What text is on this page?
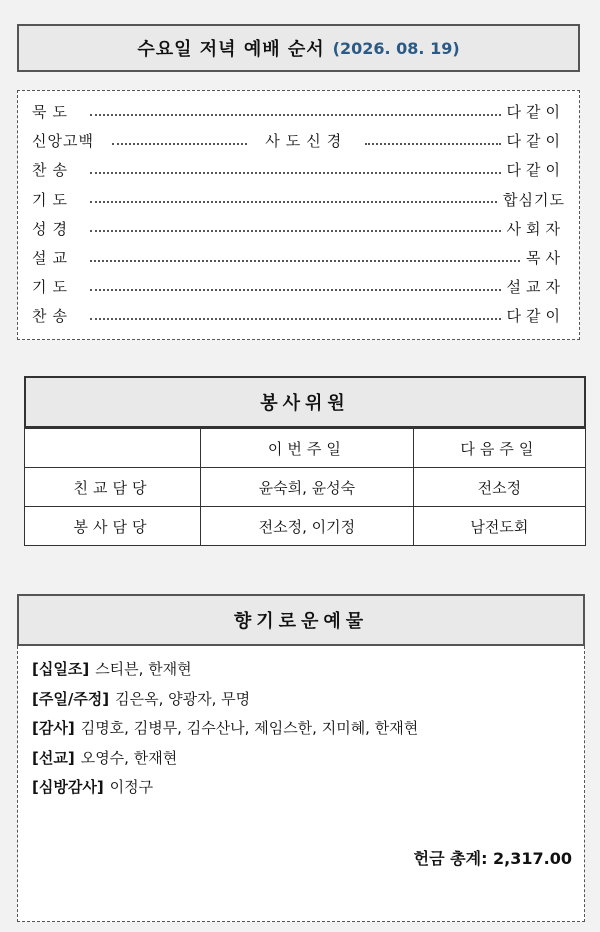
수요일 저녁 예배 순서 (2026. 08. 19)
묵도	다같이
신앙고백	사도신경	다같이
찬송	다같이
기도	합심기도
성경	사회자
설교	목사
기도	설교자
찬송	다같이
봉사위원
	이번주일	다음주일
친교담당	윤숙희, 윤성숙	전소정
봉사담당	전소정, 이기정	남전도회
향기로운예물
[십일조] 스티븐, 한재현
[주일/주정] 김은옥, 양광자, 무명
[감사] 김명호, 김병무, 김수산나, 제임스한, 지미혜, 한재현
[선교] 오영수, 한재현
[심방감사] 이정구
헌금 총계: 2,317.00
